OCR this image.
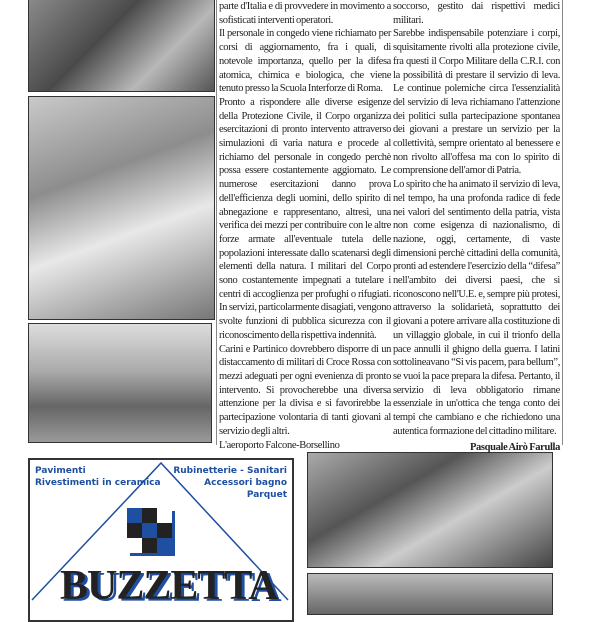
parte d'Italia e di provvedere in movimento a sofisticati interventi operatori.

Il personale in congedo viene richiamato per corsi di aggiornamento, fra i quali, di notevole importanza, quello per la difesa atomica, chimica e biologica, che viene tenuto presso la Scuola Interforze di Roma.

Pronto a rispondere alle diverse esigenze della Protezione Civile, il Corpo organizza esercitazioni di pronto intervento attraverso simulazioni di varia natura e procede al richiamo del personale in congedo perchè possa essere costantemente aggiornato. Le numerose esercitazioni danno prova dell'efficienza degli uomini, dello spirito di abnegazione e rappresentano, altresì, una verifica dei mezzi per contribuire con le altre forze armate all'eventuale tutela delle popolazioni interessate dallo scatenarsi degli elementi della natura. I militari del Corpo sono costantemente impegnati a tutelare i centri di accoglienza per profughi o rifugiati. In servizi, particolarmente disagiati, vengono svolte funzioni di pubblica sicurezza con il riconoscimento della rispettiva indennità.

Carini e Partinico dovrebbero disporre di un distaccamento di militari di Croce Rossa con mezzi adeguati per ogni evenienza di pronto intervento. Si provocherebbe una diversa attenzione per la divisa e si favorirebbe la partecipazione volontaria di tanti giovani al servizio degli altri.

L'aeroporto Falcone-Borsellino

soccorso, gestito dai rispettivi medici militari.

Sarebbe indispensabile potenziare i corpi, squisitamente rivolti alla protezione civile, fra questi il Corpo Militare della C.R.I. con la possibilità di prestare il servizio di leva. Le continue polemiche circa l'essenzialità del servizio di leva richiamano l'attenzione dei politici sulla partecipazione spontanea dei giovani a prestare un servizio per la collettività, sempre orientato al benessere e non rivolto all'offesa ma con lo spirito di comprensione dell'amor di Patria.

Lo spirito che ha animato il servizio di leva, nel tempo, ha una profonda radice di fede nei valori del sentimento della patria, vista non come esigenza di nazionalismo, di nazione, oggi, certamente, di vaste dimensioni perchè cittadini della comunità, pronti ad estendere l'esercizio della “difesa” nell'ambito dei diversi paesi, che si riconoscono nell'U.E. e, sempre più protesi, attraverso la solidarietà, soprattutto dei giovani a potere arrivare alla costituzione di un villaggio globale, in cui il trionfo della pace annulli il ghigno della guerra. I latini sottolineavano “Si vis pacem, para bellum”, se vuoi la pace prepara la difesa. Pertanto, il servizio di leva obbligatorio rimane essenziale in un'ottica che tenga conto dei tempi che cambiano e che richiedono una autentica formazione del cittadino militare.

Pasquale Airò Farulla

Pavimenti
Rivestimenti in ceramica
Rubinetterie - Sanitari
Accessori bagno
Parquet
BUZZETTA
